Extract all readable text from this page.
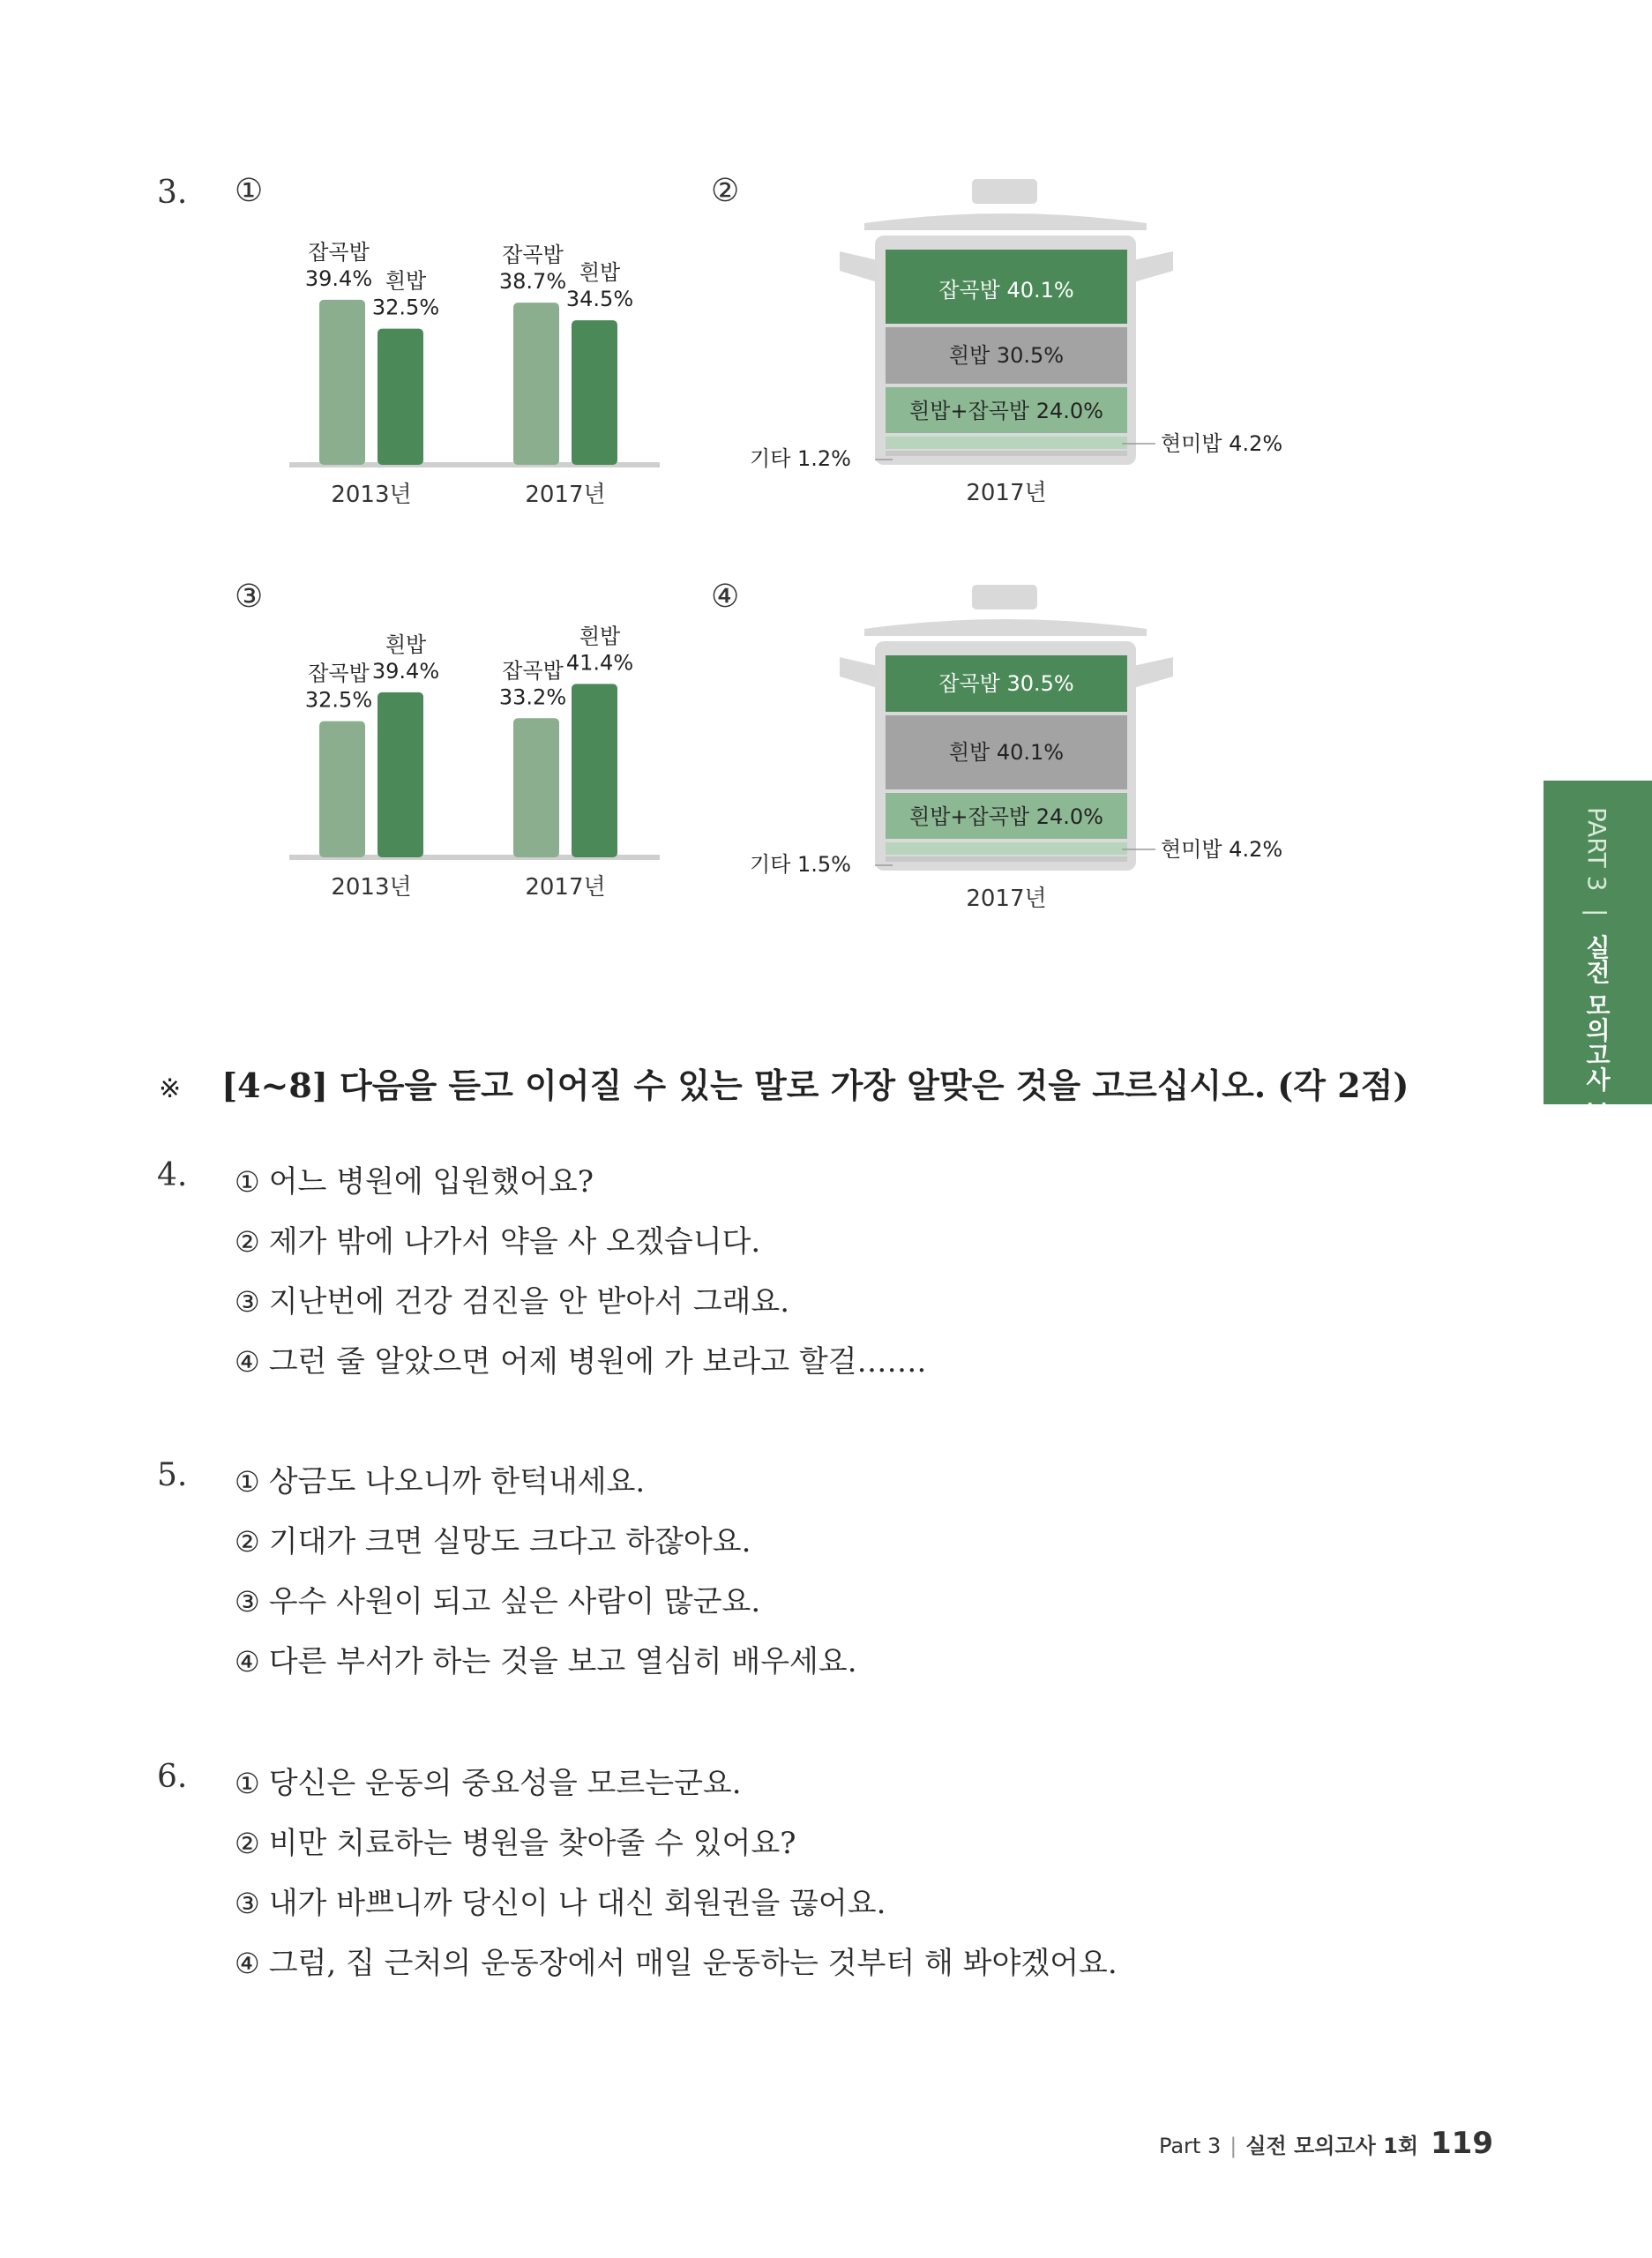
3. ①	②
③	④
잡곡밥
39.4% 흰밥
32.5%
2013년
잡곡밥
38.7% 흰밥
34.5%
2017년
잡곡밥
32.5%
흰밥
39.4%
2013년
잡곡밥
33.2%
흰밥
41.4%
2017년
잡곡밥 40.1%
흰밥 30.5%
흰밥+잡곡밥 24.0%
현미밥 4.2%
기타 1.2%
2017년
잡곡밥 30.5%
흰밥 40.1%
흰밥+잡곡밥 24.0%
현미밥 4.2%
기타 1.5%
2017년
※ [4~8] 다음을 듣고 이어질 수 있는 말로 가장 알맞은 것을 고르십시오. (각 2점)
4. ① 어느 병원에 입원했어요?
② 제가 밖에 나가서 약을 사 오겠습니다.
③ 지난번에 건강 검진을 안 받아서 그래요.
④ 그런 줄 알았으면 어제 병원에 가 보라고 할걸…….
5. ① 상금도 나오니까 한턱내세요.
② 기대가 크면 실망도 크다고 하잖아요.
③ 우수 사원이 되고 싶은 사람이 많군요.
④ 다른 부서가 하는 것을 보고 열심히 배우세요.
6. ① 당신은 운동의 중요성을 모르는군요.
② 비만 치료하는 병원을 찾아줄 수 있어요?
③ 내가 바쁘니까 당신이 나 대신 회원권을 끊어요.
④ 그럼, 집 근처의 운동장에서 매일 운동하는 것부터 해 봐야겠어요.
PART 3 | 실전 모의고사 1회
Part 3 | 실전 모의고사 1회 119
